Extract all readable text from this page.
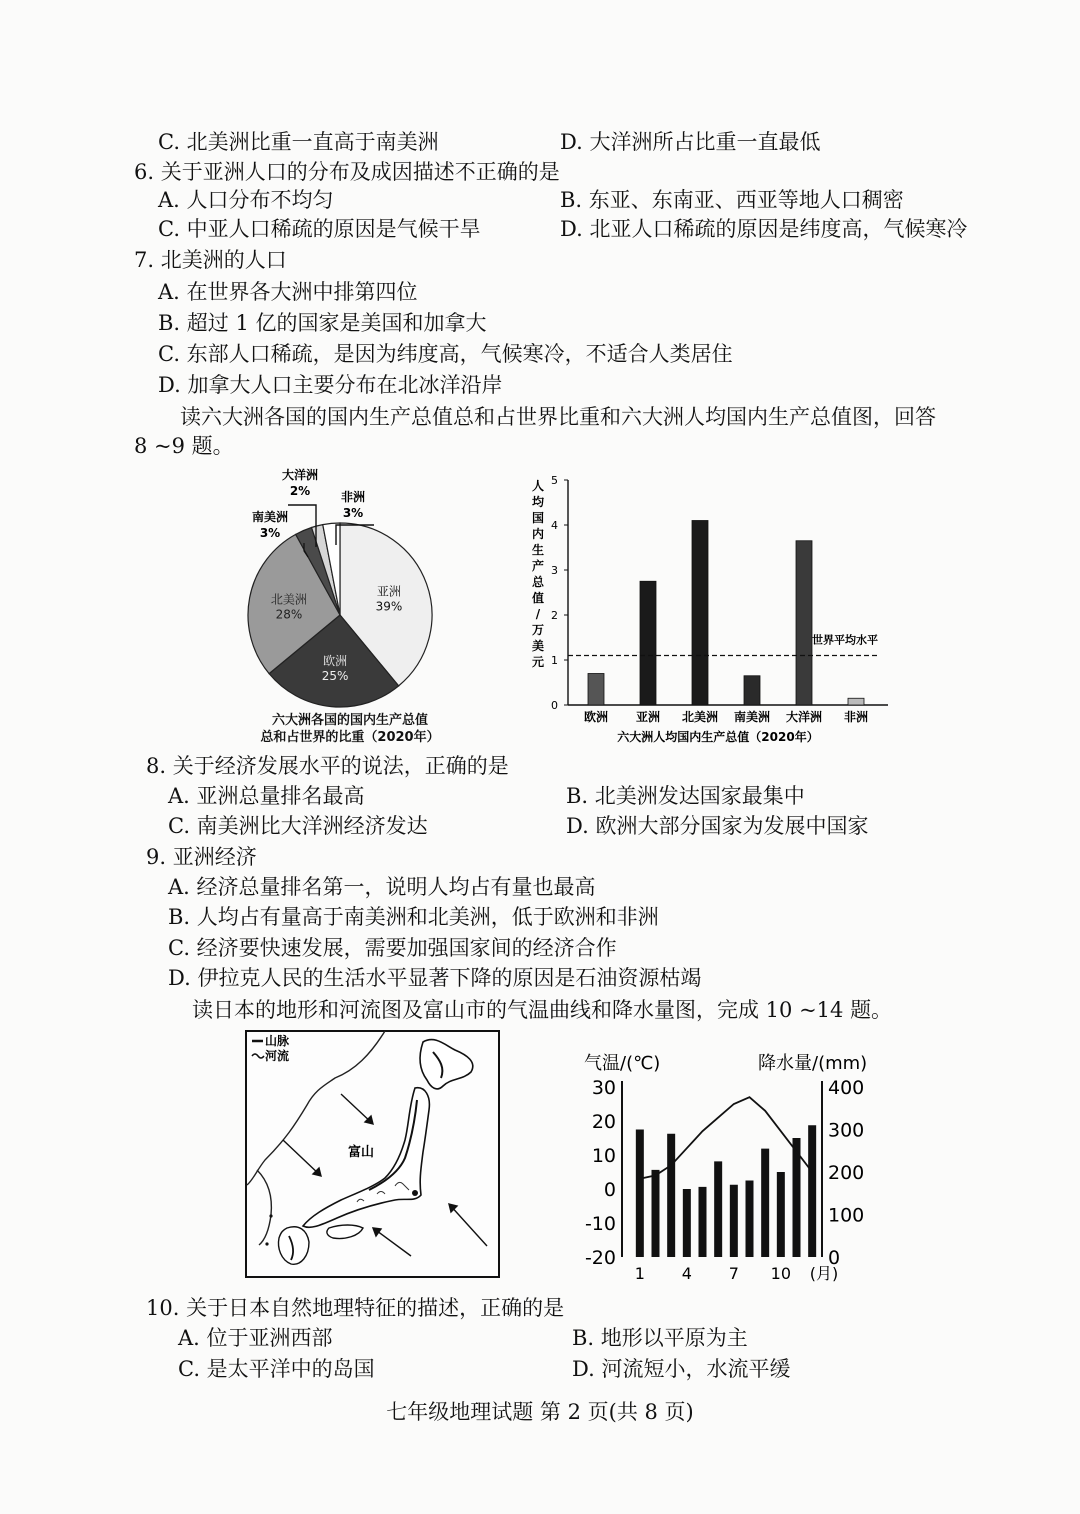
C. 北美洲比重一直高于南美洲	D. 大洋洲所占比重一直最低
6. 关于亚洲人口的分布及成因描述不正确的是
A. 人口分布不均匀	B. 东亚、东南亚、西亚等地人口稠密
C. 中亚人口稀疏的原因是气候干旱	D. 北亚人口稀疏的原因是纬度高，气候寒冷
7. 北美洲的人口
A. 在世界各大洲中排第四位
B. 超过 1 亿的国家是美国和加拿大
C. 东部人口稀疏，是因为纬度高，气候寒冷，不适合人类居住
D. 加拿大人口主要分布在北冰洋沿岸
读六大洲各国的国内生产总值总和占世界比重和六大洲人均国内生产总值图，回答
8 ~9 题。
亚洲
39%
欧洲
25%
北美洲
28%
南美洲
3%
大洋洲
2%	非洲
3%
六大洲各国的国内生产总值
总和占世界的比重（2020年）
0
1
2
3
4
5
人
均
国
内
生
产
总
值
/
万
美
元
欧洲 亚洲 北美洲 南美洲 大洋洲 非洲
世界平均水平
六大洲人均国内生产总值（2020年）
8. 关于经济发展水平的说法，正确的是
A. 亚洲总量排名最高	B. 北美洲发达国家最集中
C. 南美洲比大洋洲经济发达	D. 欧洲大部分国家为发展中国家
9. 亚洲经济
A. 经济总量排名第一，说明人均占有量也最高
B. 人均占有量高于南美洲和北美洲，低于欧洲和非洲
C. 经济要快速发展，需要加强国家间的经济合作
D. 伊拉克人民的生活水平显著下降的原因是石油资源枯竭
读日本的地形和河流图及富山市的气温曲线和降水量图，完成 10 ~14 题。
山脉
河流
富山
气温/(℃)	降水量/(mm)
30
20
10
0
-10
-20
400
300
200
100
0
1 4 7 10 (月)
10. 关于日本自然地理特征的描述，正确的是
A. 位于亚洲西部	B. 地形以平原为主
C. 是太平洋中的岛国	D. 河流短小，水流平缓
七年级地理试题 第 2 页(共 8 页)
